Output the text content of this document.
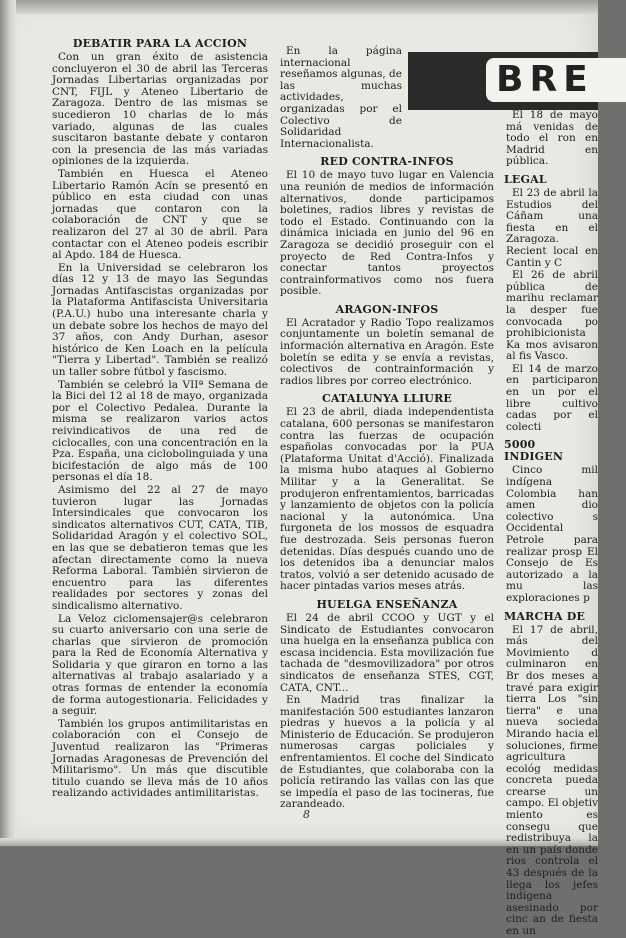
BRE
DEBATIR PARA LA ACCION

Con un gran éxito de asistencia concluyeron el 30 de abril las Terceras Jornadas Libertarias organizadas por CNT, FIJL y Ateneo Libertario de Zaragoza. Dentro de las mismas se sucedieron 10 charlas de lo más variado, algunas de las cuales suscitaron bastante debate y contaron con la presencia de las más variadas opiniones de la izquierda.

También en Huesca el Ateneo Libertario Ramón Acín se presentó en público en esta ciudad con unas jornadas que contaron con la colaboración de CNT y que se realizaron del 27 al 30 de abril. Para contactar con el Ateneo podeis escribir al Apdo. 184 de Huesca.

En la Universidad se celebraron los días 12 y 13 de mayo las Segundas Jornadas Antifascistas organizadas por la Plataforma Antifascista Universitaria (P.A.U.) hubo una interesante charla y un debate sobre los hechos de mayo del 37 años, con Andy Durhan, asesor histórico de Ken Loach en la película "Tierra y Libertad". También se realizó un taller sobre fútbol y fascismo.

También se celebró la VIIª Semana de la Bici del 12 al 18 de mayo, organizada por el Colectivo Pedalea. Durante la misma se realizaron varios actos reivindicativos de una red de ciclocalles, con una concentración en la Pza. España, una ciclobolinguiada y una bicifestación de algo más de 100 personas el día 18.

Asimismo del 22 al 27 de mayo tuvieron lugar las Jornadas Intersindicales que convocaron los sindicatos alternativos CUT, CATA, TIB, Solidaridad Aragón y el colectivo SOL, en las que se debatieron temas que les afectan directamente como la nueva Reforma Laboral. También sirvieron de encuentro para las diferentes realidades por sectores y zonas del sindicalismo alternativo.

La Veloz ciclomensajer@s celebraron su cuarto aniversario con una serie de charlas que sirvieron de promoción para la Red de Economía Alternativa y Solidaria y que giraron en torno a las alternativas al trabajo asalariado y a otras formas de entender la economía de forma autogestionaria. Felicidades y a seguir.

También los grupos antimilitaristas en colaboración con el Consejo de Juventud realizaron las "Primeras Jornadas Aragonesas de Prevención del Militarismo". Un más que discutible titulo cuando se lleva más de 10 años realizando actividades antimilitaristas.

En la página internacional reseñamos algunas, de las muchas actividades, organizadas por el Colectivo de Solidaridad Internacionalista.

RED CONTRA-INFOS

El 10 de mayo tuvo lugar en Valencia una reunión de medios de información alternativos, donde participamos boletines, radios libres y revistas de todo el Estado. Continuando con la dinámica iniciada en junio del 96 en Zaragoza se decidió proseguir con el proyecto de Red Contra-Infos y conectar tantos proyectos contrainformativos como nos fuera posible.

ARAGON-INFOS

El Acratador y Radio Topo realizamos conjuntamente un boletín semanal de información alternativa en Aragón. Este boletín se edita y se envía a revistas, colectivos de contrainformación y radios libres por correo electrónico.

CATALUNYA LLIURE

El 23 de abril, diada independentista catalana, 600 personas se manifestaron contra las fuerzas de ocupación españolas convocadas por la PUA (Plataforma Unitat d'Acció). Finalizada la misma hubo ataques al Gobierno Militar y a la Generalitat. Se produjeron enfrentamientos, barricadas y lanzamiento de objetos con la policía nacional y la autonómica. Una furgoneta de los mossos de esquadra fue destrozada. Seis personas fueron detenidas. Días después cuando uno de los detenidos iba a denunciar malos tratos, volvió a ser detenido acusado de hacer pintadas varios meses atrás.

HUELGA ENSEÑANZA

El 24 de abril CCOO y UGT y el Sindicato de Estudiantes convocaron una huelga en la enseñanza publica con escasa incidencia. Esta movilización fue tachada de "desmovilizadora" por otros sindicatos de enseñanza STES, CGT, CATA, CNT...

En Madrid tras finalizar la manifestación 500 estudiantes lanzaron piedras y huevos a la policía y al Ministerio de Educación. Se produjeron numerosas cargas policiales y enfrentamientos. El coche del Sindicato de Estudiantes, que colaboraba con la policía retirando las vallas con las que se impedía el paso de las tocineras, fue zarandeado.

El 18 de mayo má venidas de todo el ron en Madrid en pública.

LEGAL

El 23 de abril la Estudios del Cáñam una fiesta en el Zaragoza. Recient local en Cantin y C

El 26 de abril pública de marihu reclamar la desper fue convocada po prohibicionista Ka mos avisaron al fis Vasco.

El 14 de marzo en participaron en un por el libre cultivo cadas por el colecti

5000 INDIGEN

Cinco mil indígena Colombia han amen dio colectivo s Occidental Petrole para realizar prosp El Consejo de Es autorizado a la mu las exploraciones p

MARCHA DE

El 17 de abril, más del Movimiento d culminaron en Br dos meses a travé para exigir tierra Los "sin tierra" e una nueva socieda Mirando hacia el soluciones, firme agricultura ecológ medidas concreta pueda crearse un campo. El objetiv miento es consegu que redistribuya la en un país donde rios controla el 43 después de la llega los jefes indígena asesinado por cinc an de fiesta en un

8
